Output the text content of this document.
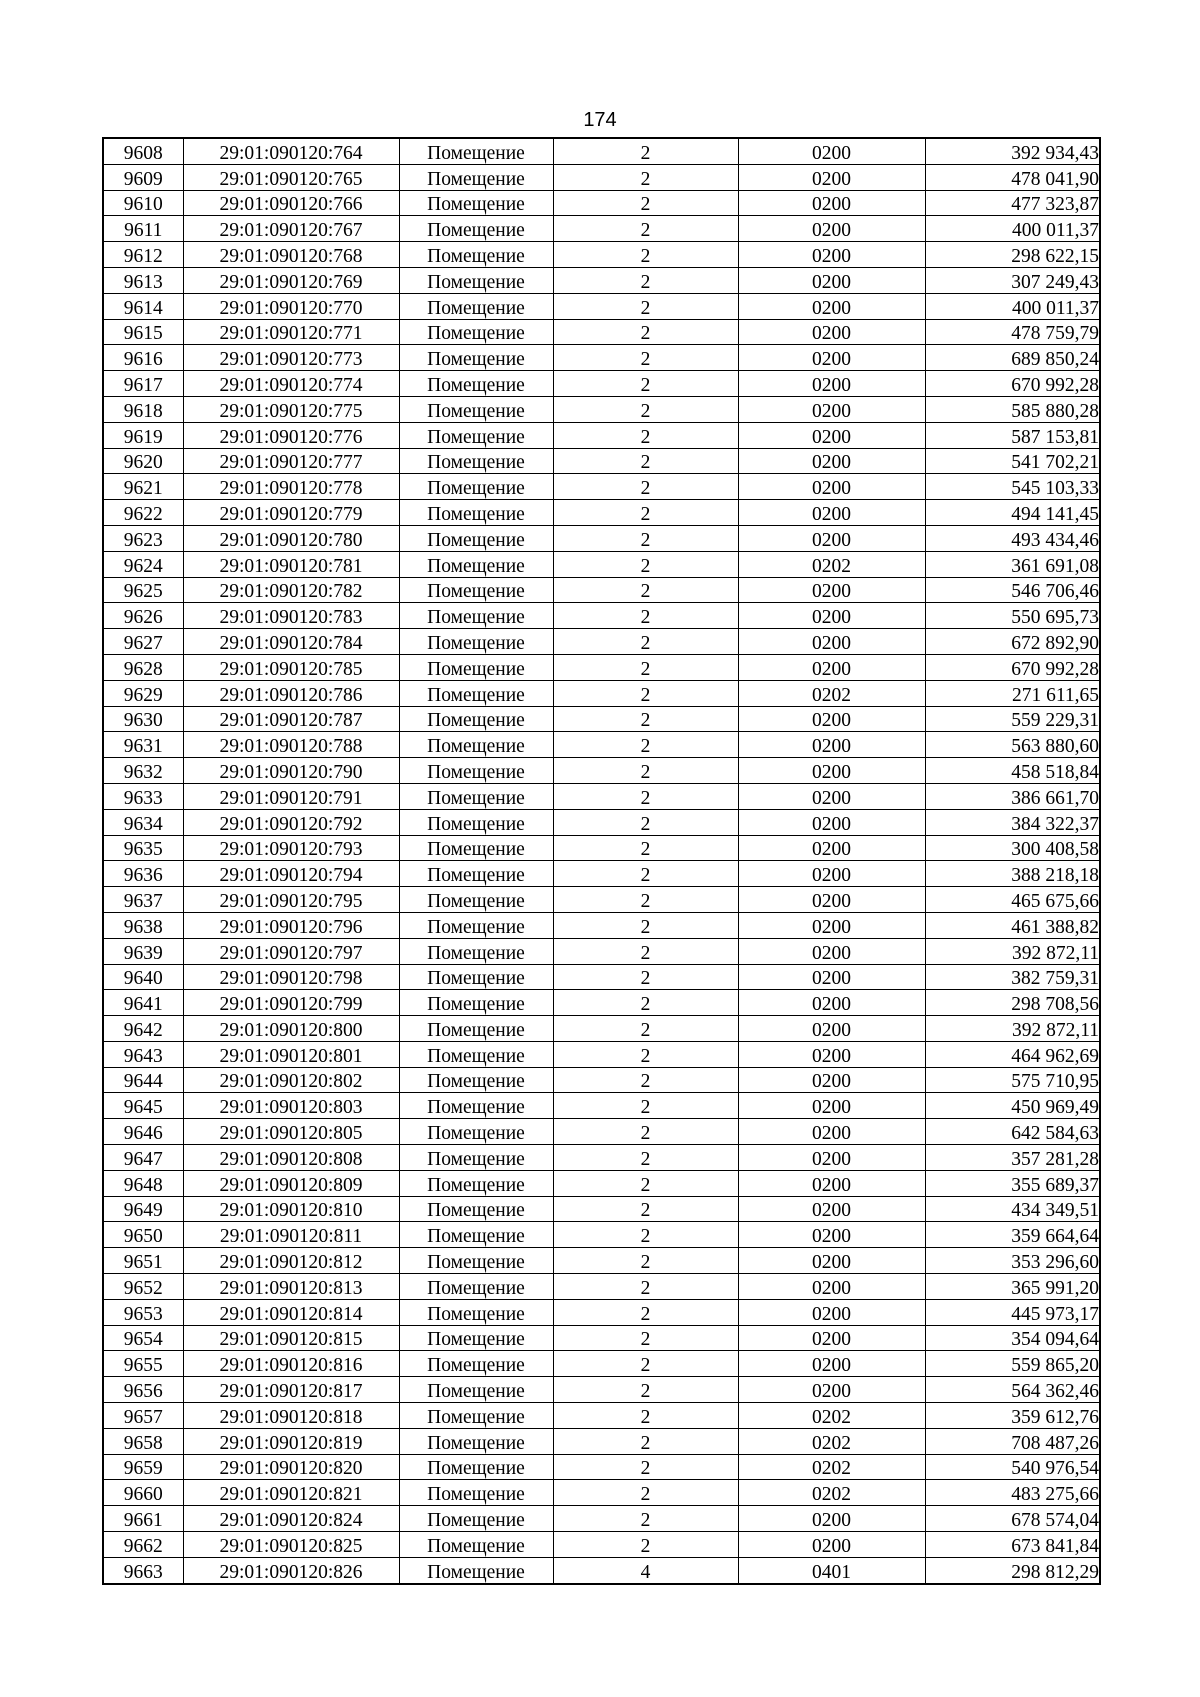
174
9608	29:01:090120:764	Помещение	2	0200	392 934,43
9609	29:01:090120:765	Помещение	2	0200	478 041,90
9610	29:01:090120:766	Помещение	2	0200	477 323,87
9611	29:01:090120:767	Помещение	2	0200	400 011,37
9612	29:01:090120:768	Помещение	2	0200	298 622,15
9613	29:01:090120:769	Помещение	2	0200	307 249,43
9614	29:01:090120:770	Помещение	2	0200	400 011,37
9615	29:01:090120:771	Помещение	2	0200	478 759,79
9616	29:01:090120:773	Помещение	2	0200	689 850,24
9617	29:01:090120:774	Помещение	2	0200	670 992,28
9618	29:01:090120:775	Помещение	2	0200	585 880,28
9619	29:01:090120:776	Помещение	2	0200	587 153,81
9620	29:01:090120:777	Помещение	2	0200	541 702,21
9621	29:01:090120:778	Помещение	2	0200	545 103,33
9622	29:01:090120:779	Помещение	2	0200	494 141,45
9623	29:01:090120:780	Помещение	2	0200	493 434,46
9624	29:01:090120:781	Помещение	2	0202	361 691,08
9625	29:01:090120:782	Помещение	2	0200	546 706,46
9626	29:01:090120:783	Помещение	2	0200	550 695,73
9627	29:01:090120:784	Помещение	2	0200	672 892,90
9628	29:01:090120:785	Помещение	2	0200	670 992,28
9629	29:01:090120:786	Помещение	2	0202	271 611,65
9630	29:01:090120:787	Помещение	2	0200	559 229,31
9631	29:01:090120:788	Помещение	2	0200	563 880,60
9632	29:01:090120:790	Помещение	2	0200	458 518,84
9633	29:01:090120:791	Помещение	2	0200	386 661,70
9634	29:01:090120:792	Помещение	2	0200	384 322,37
9635	29:01:090120:793	Помещение	2	0200	300 408,58
9636	29:01:090120:794	Помещение	2	0200	388 218,18
9637	29:01:090120:795	Помещение	2	0200	465 675,66
9638	29:01:090120:796	Помещение	2	0200	461 388,82
9639	29:01:090120:797	Помещение	2	0200	392 872,11
9640	29:01:090120:798	Помещение	2	0200	382 759,31
9641	29:01:090120:799	Помещение	2	0200	298 708,56
9642	29:01:090120:800	Помещение	2	0200	392 872,11
9643	29:01:090120:801	Помещение	2	0200	464 962,69
9644	29:01:090120:802	Помещение	2	0200	575 710,95
9645	29:01:090120:803	Помещение	2	0200	450 969,49
9646	29:01:090120:805	Помещение	2	0200	642 584,63
9647	29:01:090120:808	Помещение	2	0200	357 281,28
9648	29:01:090120:809	Помещение	2	0200	355 689,37
9649	29:01:090120:810	Помещение	2	0200	434 349,51
9650	29:01:090120:811	Помещение	2	0200	359 664,64
9651	29:01:090120:812	Помещение	2	0200	353 296,60
9652	29:01:090120:813	Помещение	2	0200	365 991,20
9653	29:01:090120:814	Помещение	2	0200	445 973,17
9654	29:01:090120:815	Помещение	2	0200	354 094,64
9655	29:01:090120:816	Помещение	2	0200	559 865,20
9656	29:01:090120:817	Помещение	2	0200	564 362,46
9657	29:01:090120:818	Помещение	2	0202	359 612,76
9658	29:01:090120:819	Помещение	2	0202	708 487,26
9659	29:01:090120:820	Помещение	2	0202	540 976,54
9660	29:01:090120:821	Помещение	2	0202	483 275,66
9661	29:01:090120:824	Помещение	2	0200	678 574,04
9662	29:01:090120:825	Помещение	2	0200	673 841,84
9663	29:01:090120:826	Помещение	4	0401	298 812,29
